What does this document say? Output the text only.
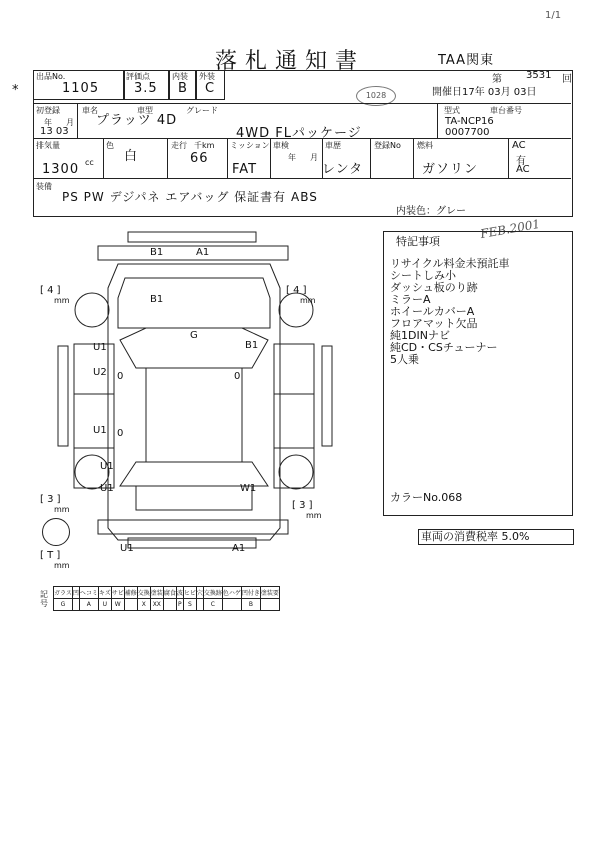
1/1
落札通知書	TAA関東
第 3531 回
開催日17年 03月 03日
*	1028
出品No.
1105
評価点
3.5
内装
B
外装
C
初登録
年 月
13 03
車名	車型	グレード
プラッツ 4D
4WD FLパッケージ
型式	車台番号
TA-NCP16
0007700
排気量
1300 cc
色
白
走行 千km
66
ミッション
FAT
車検
年 月
車歴
レンタ
登録No 燃料
ガソリン
AC
有
AC
装備
PS PW デジパネ エアバッグ 保証書有 ABS
内装色：グレー
FEB.2001
特記事項
リサイクル料金未預託車
シートしみ小
ダッシュ板のり跡
ミラーA
ホイールカバーA
フロアマット欠品
純1DINナビ
純CD・CSチューナー
5人乗
カラーNo.068
車両の消費税率 5.0%
B1	A1
B1
G
U1
U2 0
B1
0
U1 0
U1
U1	W1
U1	A1
[ 4 ]
mm
[ 4 ]
mm
[ 3 ]
mm	[ 3 ]
mm
[ T ]
mm
記号
ガラス	凹	ヘコミ	キズ	サビ	補修	交換	塗装	腐食	波	ヒビ	穴	交換跡	色ハゲ	凹付き	塗装要
G		A	U	W		X	XX		P	S		C		B	
